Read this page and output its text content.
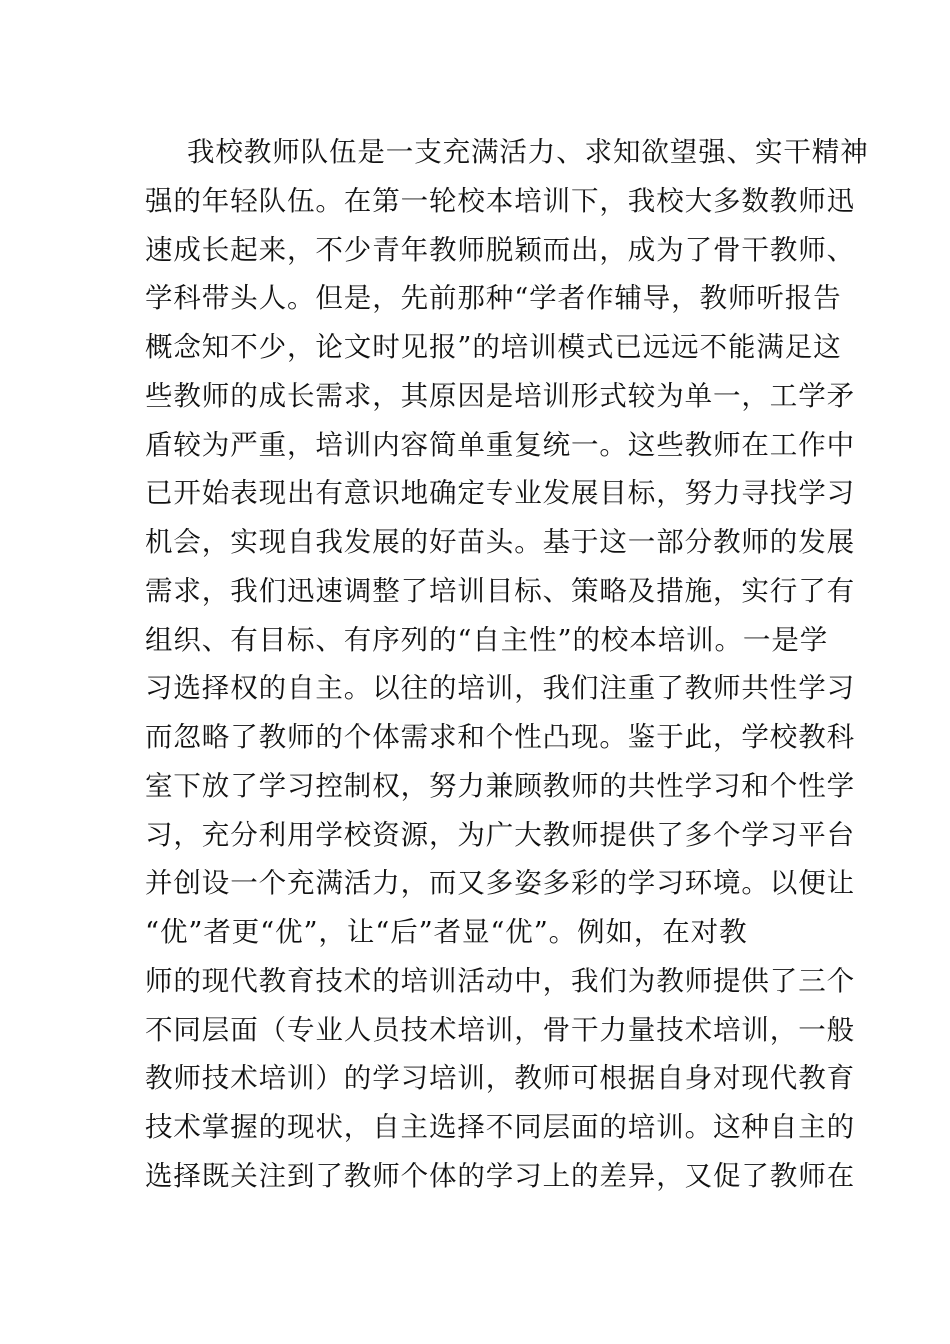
我校教师队伍是一支充满活力、求知欲望强、实干精神
强的年轻队伍。在第一轮校本培训下，我校大多数教师迅
速成长起来，不少青年教师脱颖而出，成为了骨干教师、
学科带头人。但是，先前那种“学者作辅导，教师听报告
概念知不少，论文时见报”的培训模式已远远不能满足这
些教师的成长需求，其原因是培训形式较为单一，工学矛
盾较为严重，培训内容简单重复统一。这些教师在工作中
已开始表现出有意识地确定专业发展目标，努力寻找学习
机会，实现自我发展的好苗头。基于这一部分教师的发展
需求，我们迅速调整了培训目标、策略及措施，实行了有
组织、有目标、有序列的“自主性”的校本培训。一是学
习选择权的自主。以往的培训，我们注重了教师共性学习
而忽略了教师的个体需求和个性凸现。鉴于此，学校教科
室下放了学习控制权，努力兼顾教师的共性学习和个性学
习，充分利用学校资源，为广大教师提供了多个学习平台
并创设一个充满活力，而又多姿多彩的学习环境。以便让
“优”者更“优”，让“后”者显“优”。例如，在对教
师的现代教育技术的培训活动中，我们为教师提供了三个
不同层面（专业人员技术培训，骨干力量技术培训，一般
教师技术培训）的学习培训，教师可根据自身对现代教育
技术掌握的现状，自主选择不同层面的培训。这种自主的
选择既关注到了教师个体的学习上的差异，又促了教师在
